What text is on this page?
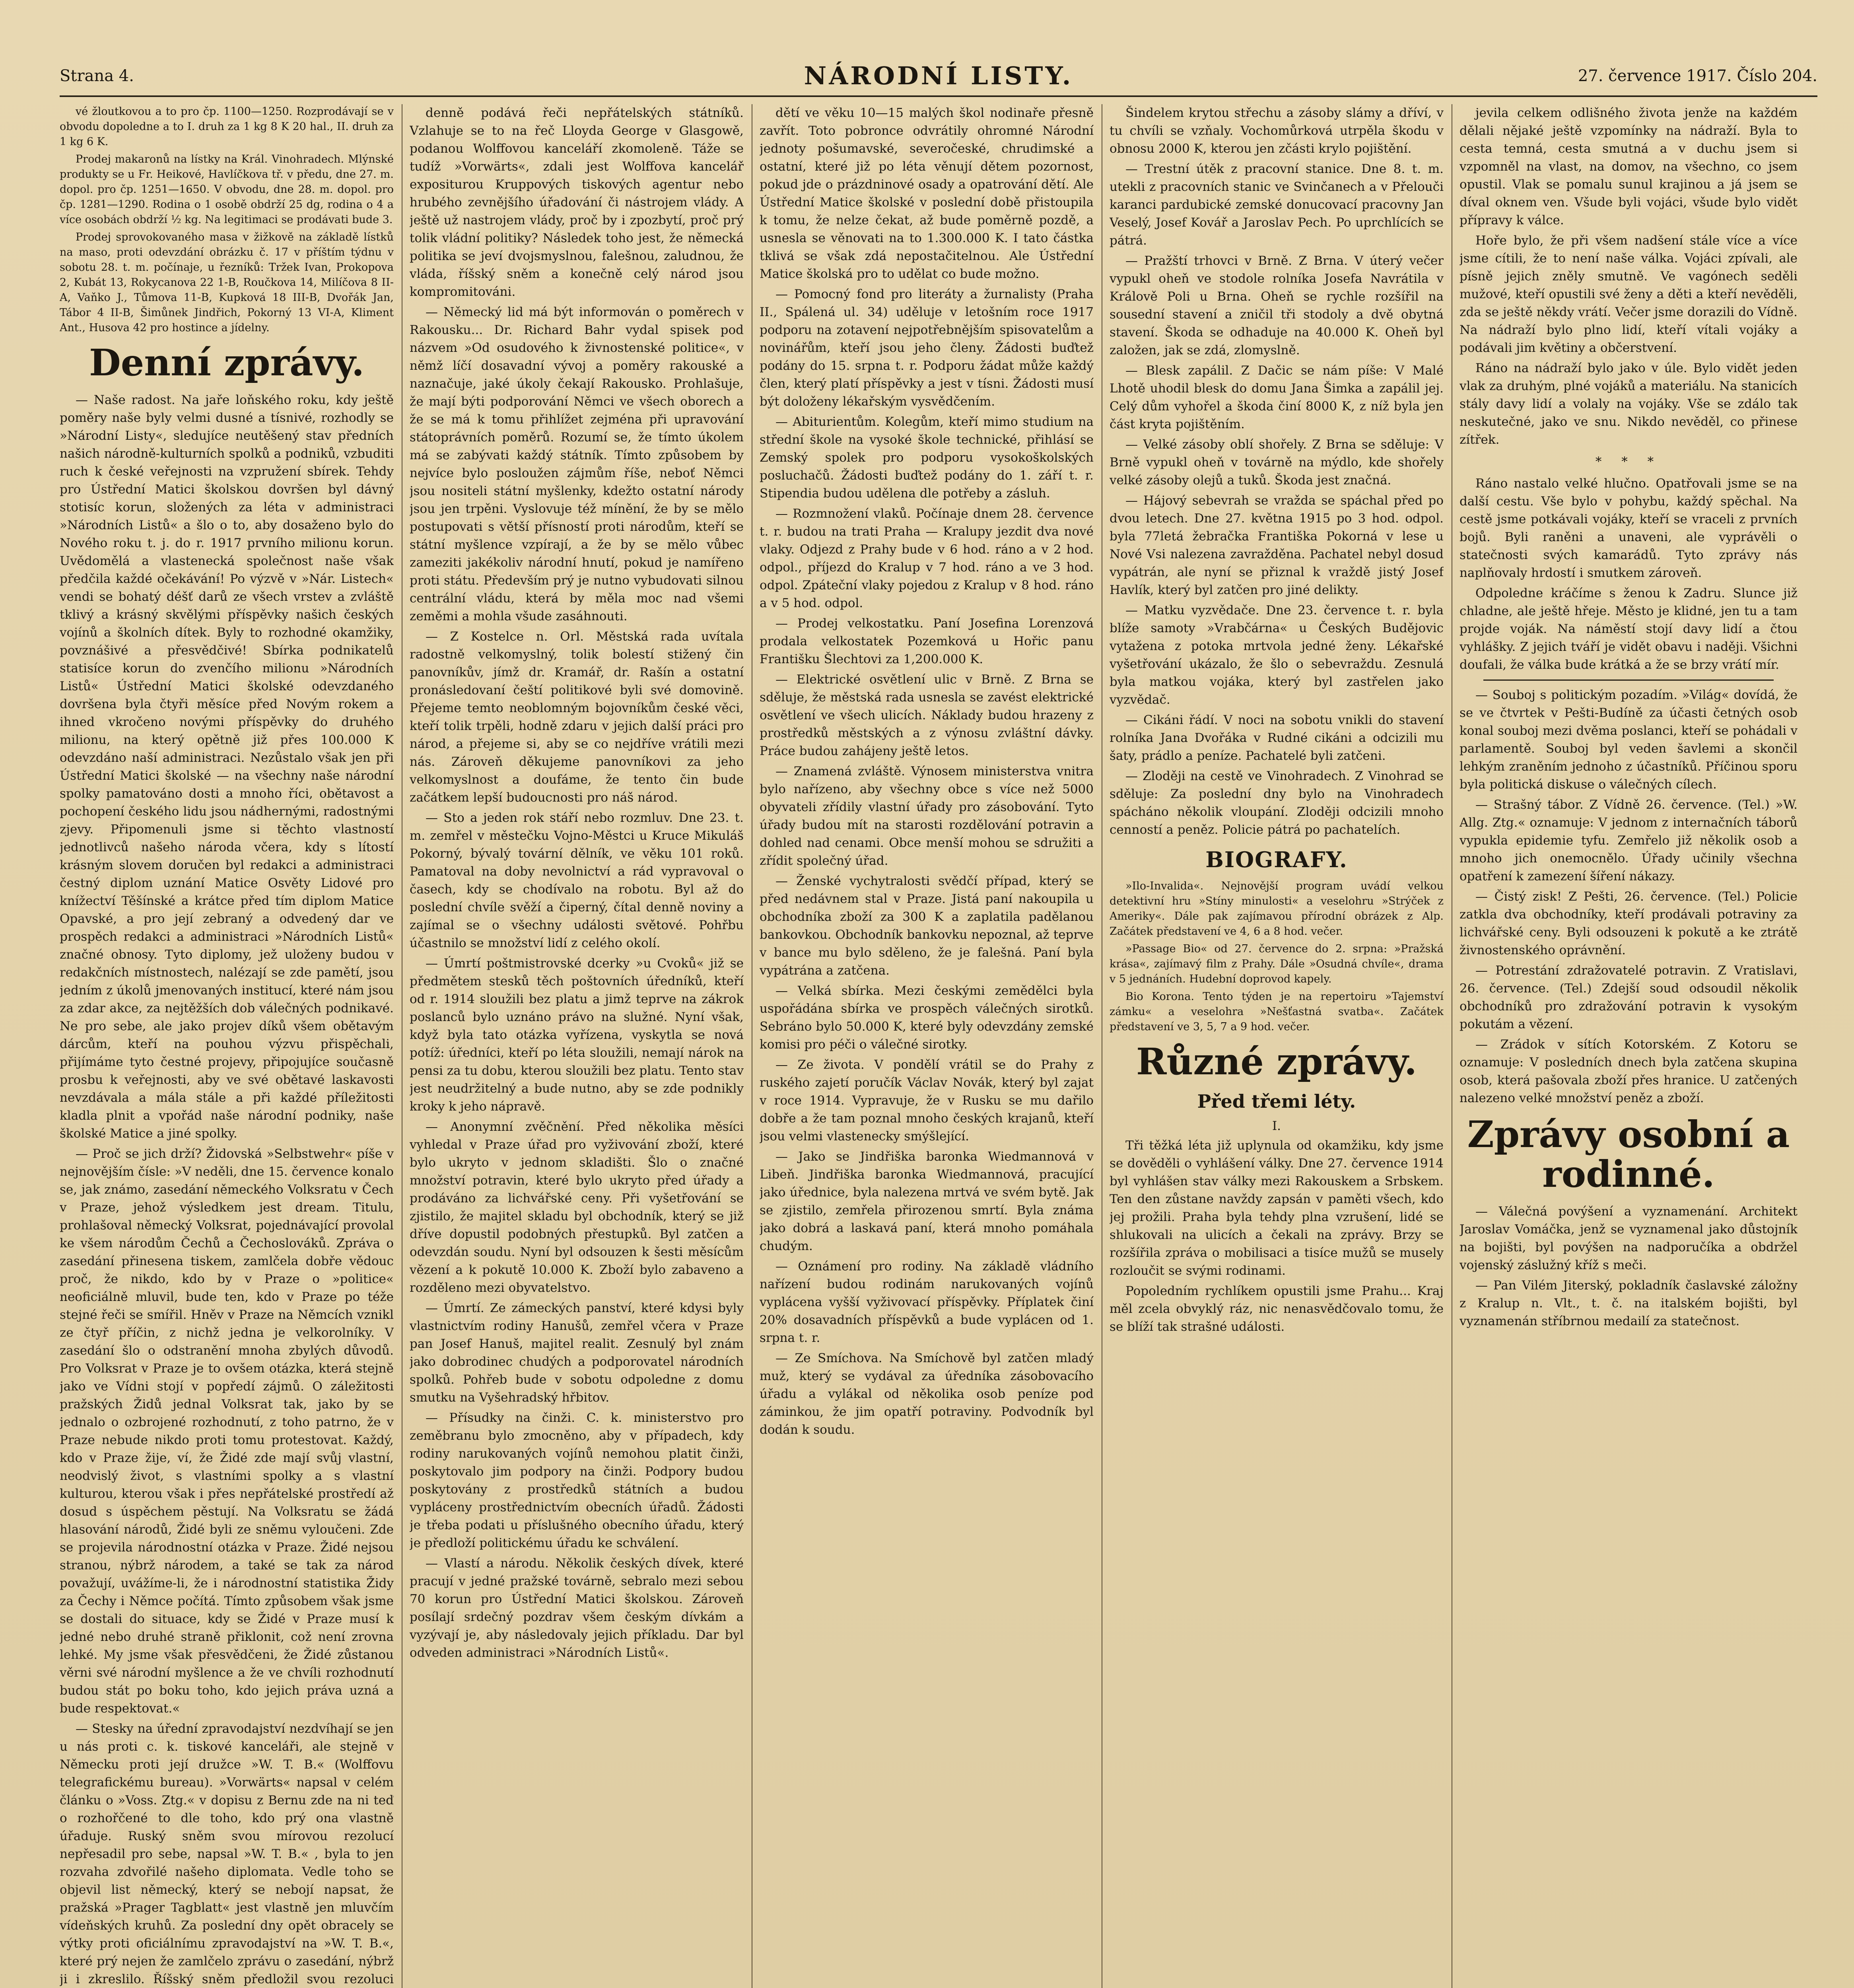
Strana 4.	NÁRODNÍ LISTY.	27. července 1917. Číslo 204.

vé žloutkovou a to pro čp. 1100—1250. Rozprodávají se v obvodu dopoledne a to I. druh za 1 kg 8 K 20 hal., II. druh za 1 kg 6 K.

Prodej makaronů na lístky na Král. Vinohradech. Mlýnské produkty se u Fr. Heikové, Havlíčkova tř. v předu, dne 27. m. dopol. pro čp. 1251—1650. V obvodu, dne 28. m. dopol. pro čp. 1281—1290. Rodina o 1 osobě obdrží 25 dg, rodina o 4 a více osobách obdrží ½ kg. Na legitimaci se prodávati bude 3.

Prodej sprovokovaného masa v žižkově na základě lístků na maso, proti odevzdání obrázku č. 17 v příštím týdnu v sobotu 28. t. m. počínaje, u řezníků: Tržek Ivan, Prokopova 2, Kubát 13, Rokycanova 22 1-B, Roučkova 14, Milíčova 8 II-A, Vaňko J., Tůmova 11-B, Kupková 18 III-B, Dvořák Jan, Tábor 4 II-B, Šimůnek Jindřich, Pokorný 13 VI-A, Kliment Ant., Husova 42 pro hostince a jídelny.

Denní zprávy.

— Naše radost. Na jaře loňského roku, kdy ještě poměry naše byly velmi dusné a tísnivé, rozhodly se »Národní Listy«, sledujíce neutěšený stav předních našich národně-kulturních spolků a podniků, vzbuditi ruch k české veřejnosti na vzpružení sbírek. Tehdy pro Ústřední Matici školskou dovršen byl dávný stotisíc korun, složených za léta v administraci »Národních Listů« a šlo o to, aby dosaženo bylo do Nového roku t. j. do r. 1917 prvního milionu korun. Uvědomělá a vlastenecká společnost naše však předčila každé očekávání! Po výzvě v »Nár. Listech« vendi se bohatý déšť darů ze všech vrstev a zvláště tklivý a krásný skvělými příspěvky našich českých vojínů a školních dítek. Byly to rozhodné okamžiky, povznášivé a přesvědčivé! Sbírka podnikatelů statisíce korun do zvenčího milionu »Národních Listů« Ústřední Matici školské odevzdaného dovršena byla čtyři měsíce před Novým rokem a ihned vkročeno novými příspěvky do druhého milionu, na který opětně již přes 100.000 K odevzdáno naší administraci. Nezůstalo však jen při Ústřední Matici školské — na všechny naše národní spolky pamatováno dosti a mnoho říci, obětavost a pochopení českého lidu jsou nádhernými, radostnými zjevy. Připomenuli jsme si těchto vlastností jednotlivců našeho národa včera, kdy s lítostí krásným slovem doručen byl redakci a administraci čestný diplom uznání Matice Osvěty Lidové pro knížectví Těšínské a krátce před tím diplom Matice Opavské, a pro její zebraný a odvedený dar ve prospěch redakci a administraci »Národních Listů« značné obnosy. Tyto diplomy, jež uloženy budou v redakčních místnostech, nalézají se zde pamětí, jsou jedním z úkolů jmenovaných institucí, které nám jsou za zdar akce, za nejtěžších dob válečných podnikavé. Ne pro sebe, ale jako projev díků všem obětavým dárcům, kteří na pouhou výzvu přispěchali, přijímáme tyto čestné projevy, připojujíce současně prosbu k veřejnosti, aby ve své obětavé laskavosti nevzdávala a mála stále a při každé příležitosti kladla plnit a vpořád naše národní podniky, naše školské Matice a jiné spolky.

— Proč se jich drží? Židovská »Selbstwehr« píše v nejnovějším čísle: »V neděli, dne 15. července konalo se, jak známo, zasedání německého Volksratu v Čech v Praze, jehož výsledkem jest dream. Titulu, prohlašoval německý Volksrat, pojednávající provolal ke všem národům Čechů a Čechoslováků. Zpráva o zasedání přinesena tiskem, zamlčela dobře vědouc proč, že nikdo, kdo by v Praze o »politice« neoficiálně mluvil, bude ten, kdo v Praze po téže stejné řeči se smířil. Hněv v Praze na Němcích vznikl ze čtyř příčin, z nichž jedna je velkorolníky. V zasedání šlo o odstranění mnoha zbylých důvodů. Pro Volksrat v Praze je to ovšem otázka, která stejně jako ve Vídni stojí v popředí zájmů. O záležitosti pražských Židů jednal Volksrat tak, jako by se jednalo o ozbrojené rozhodnutí, z toho patrno, že v Praze nebude nikdo proti tomu protestovat. Každý, kdo v Praze žije, ví, že Židé zde mají svůj vlastní, neodvislý život, s vlastními spolky a s vlastní kulturou, kterou však i přes nepřátelské prostředí až dosud s úspěchem pěstují. Na Volksratu se žádá hlasování národů, Židé byli ze sněmu vyloučeni. Zde se projevila národnostní otázka v Praze. Židé nejsou stranou, nýbrž národem, a také se tak za národ považují, uvážíme-li, že i národnostní statistika Židy za Čechy i Němce počítá. Tímto způsobem však jsme se dostali do situace, kdy se Židé v Praze musí k jedné nebo druhé straně přiklonit, což není zrovna lehké. My jsme však přesvědčeni, že Židé zůstanou věrni své národní myšlence a že ve chvíli rozhodnutí budou stát po boku toho, kdo jejich práva uzná a bude respektovat.«

— Stesky na úřední zpravodajství nezdvíhají se jen u nás proti c. k. tiskové kanceláři, ale stejně v Německu proti její družce »W. T. B.« (Wolffovu telegrafickému bureau). »Vorwärts« napsal v celém článku o »Voss. Ztg.« v dopisu z Bernu zde na ni teď o rozhořčené to dle toho, kdo prý ona vlastně úřaduje. Ruský sněm svou mírovou rezolucí nepřesadil pro sebe, napsal »W. T. B.« , byla to jen rozvaha zdvořilé našeho diplomata. Vedle toho se objevil list německý, který se nebojí napsat, že pražská »Prager Tagblatt« jest vlastně jen mluvčím vídeňských kruhů. Za poslední dny opět obracely se výtky proti oficiálnímu zpravodajství na »W. T. B.«, které prý nejen že zamlčelo zprávu o zasedání, nýbrž ji i zkreslilo. Říšský sněm předložil svou rezoluci

denně podává řeči nepřátelských státníků. Vzlahuje se to na řeč Lloyda George v Glasgowě, podanou Wolffovou kanceláří zkomoleně. Táže se tudíž »Vorwärts«, zdali jest Wolffova kancelář expositurou Kruppových tiskových agentur nebo hrubého zevnějšího úřadování či nástrojem vlády. A ještě už nastrojem vlády, proč by i zpozbytí, proč prý tolik vládní politiky? Následek toho jest, že německá politika se jeví dvojsmyslnou, falešnou, zaludnou, že vláda, říšský sněm a konečně celý národ jsou kompromitováni.

— Německý lid má být informován o poměrech v Rakousku... Dr. Richard Bahr vydal spisek pod názvem »Od osudového k živnostenské politice«, v němž líčí dosavadní vývoj a poměry rakouské a naznačuje, jaké úkoly čekají Rakousko. Prohlašuje, že mají býti podporování Němci ve všech oborech a že se má k tomu přihlížet zejména při upravování státoprávních poměrů. Rozumí se, že tímto úkolem má se zabývati každý státník. Tímto způsobem by nejvíce bylo posloužen zájmům říše, neboť Němci jsou nositeli státní myšlenky, kdežto ostatní národy jsou jen trpěni. Vyslovuje též mínění, že by se mělo postupovati s větší přísností proti národům, kteří se státní myšlence vzpírají, a že by se mělo vůbec zameziti jakékoliv národní hnutí, pokud je namířeno proti státu. Především prý je nutno vybudovati silnou centrální vládu, která by měla moc nad všemi zeměmi a mohla všude zasáhnouti.

— Z Kostelce n. Orl. Městská rada uvítala radostně velkomyslný, tolik bolestí stižený čin panovníkův, jímž dr. Kramář, dr. Rašín a ostatní pronásledovaní čeští politikové byli své domovině. Přejeme temto neoblomným bojovníkům české věci, kteří tolik trpěli, hodně zdaru v jejich další práci pro národ, a přejeme si, aby se co nejdříve vrátili mezi nás. Zároveň děkujeme panovníkovi za jeho velkomyslnost a doufáme, že tento čin bude začátkem lepší budoucnosti pro náš národ.

— Sto a jeden rok stáří nebo rozmluv. Dne 23. t. m. zemřel v městečku Vojno-Městci u Kruce Mikuláš Pokorný, bývalý tovární dělník, ve věku 101 roků. Pamatoval na doby nevolnictví a rád vypravoval o časech, kdy se chodívalo na robotu. Byl až do poslední chvíle svěží a čiperný, čítal denně noviny a zajímal se o všechny události světové. Pohřbu účastnilo se množství lidí z celého okolí.

— Úmrtí poštmistrovské dcerky »u Cvoků« již se předmětem stesků těch poštovních úředníků, kteří od r. 1914 sloužili bez platu a jimž teprve na zákrok poslanců bylo uznáno právo na služné. Nyní však, když byla tato otázka vyřízena, vyskytla se nová potíž: úředníci, kteří po léta sloužili, nemají nárok na pensi za tu dobu, kterou sloužili bez platu. Tento stav jest neudržitelný a bude nutno, aby se zde podnikly kroky k jeho nápravě.

— Anonymní zvěčnění. Před několika měsíci vyhledal v Praze úřad pro vyživování zboží, které bylo ukryto v jednom skladišti. Šlo o značné množství potravin, které bylo ukryto před úřady a prodáváno za lichvářské ceny. Při vyšetřování se zjistilo, že majitel skladu byl obchodník, který se již dříve dopustil podobných přestupků. Byl zatčen a odevzdán soudu. Nyní byl odsouzen k šesti měsícům vězení a k pokutě 10.000 K. Zboží bylo zabaveno a rozděleno mezi obyvatelstvo.

— Úmrtí. Ze zámeckých panství, které kdysi byly vlastnictvím rodiny Hanušů, zemřel včera v Praze pan Josef Hanuš, majitel realit. Zesnulý byl znám jako dobrodinec chudých a podporovatel národních spolků. Pohřeb bude v sobotu odpoledne z domu smutku na Vyšehradský hřbitov.

— Přísudky na činži. C. k. ministerstvo pro zeměbranu bylo zmocněno, aby v případech, kdy rodiny narukovaných vojínů nemohou platit činži, poskytovalo jim podpory na činži. Podpory budou poskytovány z prostředků státních a budou vypláceny prostřednictvím obecních úřadů. Žádosti je třeba podati u příslušného obecního úřadu, který je předloží politickému úřadu ke schválení.

— Vlastí a národu. Několik českých dívek, které pracují v jedné pražské továrně, sebralo mezi sebou 70 korun pro Ústřední Matici školskou. Zároveň posílají srdečný pozdrav všem českým dívkám a vyzývají je, aby následovaly jejich příkladu. Dar byl odveden administraci »Národních Listů«.

dětí ve věku 10—15 malých škol nodinaře přesně zavřít. Toto pobronce odvrátily ohromné Národní jednoty pošumavské, severočeské, chrudimské a ostatní, které již po léta věnují dětem pozornost, pokud jde o prázdninové osady a opatrování dětí. Ale Ústřední Matice školské v poslední době přistoupila k tomu, že nelze čekat, až bude poměrně pozdě, a usnesla se věnovati na to 1.300.000 K. I tato částka tklivá se však zdá nepostačitelnou. Ale Ústřední Matice školská pro to udělat co bude možno.

— Pomocný fond pro literáty a žurnalisty (Praha II., Spálená ul. 34) uděluje v letošním roce 1917 podporu na zotavení nejpotřebnějším spisovatelům a novinářům, kteří jsou jeho členy. Žádosti buďtež podány do 15. srpna t. r. Podporu žádat může každý člen, který platí příspěvky a jest v tísni. Žádosti musí být doloženy lékařským vysvědčením.

— Abiturientům. Kolegům, kteří mimo studium na střední škole na vysoké škole technické, přihlásí se Zemský spolek pro podporu vysokoškolských posluchačů. Žádosti buďtež podány do 1. září t. r. Stipendia budou udělena dle potřeby a zásluh.

— Rozmnožení vlaků. Počínaje dnem 28. července t. r. budou na trati Praha — Kralupy jezdit dva nové vlaky. Odjezd z Prahy bude v 6 hod. ráno a v 2 hod. odpol., příjezd do Kralup v 7 hod. ráno a ve 3 hod. odpol. Zpáteční vlaky pojedou z Kralup v 8 hod. ráno a v 5 hod. odpol.

— Prodej velkostatku. Paní Josefina Lorenzová prodala velkostatek Pozemková u Hořic panu Františku Šlechtovi za 1,200.000 K.

— Elektrické osvětlení ulic v Brně. Z Brna se sděluje, že městská rada usnesla se zavést elektrické osvětlení ve všech ulicích. Náklady budou hrazeny z prostředků městských a z výnosu zvláštní dávky. Práce budou zahájeny ještě letos.

— Znamená zvláště. Výnosem ministerstva vnitra bylo nařízeno, aby všechny obce s více než 5000 obyvateli zřídily vlastní úřady pro zásobování. Tyto úřady budou mít na starosti rozdělování potravin a dohled nad cenami. Obce menší mohou se sdružiti a zřídit společný úřad.

— Ženské vychytralosti svědčí případ, který se před nedávnem stal v Praze. Jistá paní nakoupila u obchodníka zboží za 300 K a zaplatila padělanou bankovkou. Obchodník bankovku nepoznal, až teprve v bance mu bylo sděleno, že je falešná. Paní byla vypátrána a zatčena.

— Velká sbírka. Mezi českými zemědělci byla uspořádána sbírka ve prospěch válečných sirotků. Sebráno bylo 50.000 K, které byly odevzdány zemské komisi pro péči o válečné sirotky.

— Ze života. V pondělí vrátil se do Prahy z ruského zajetí poručík Václav Novák, který byl zajat v roce 1914. Vypravuje, že v Rusku se mu dařilo dobře a že tam poznal mnoho českých krajanů, kteří jsou velmi vlastenecky smýšlející.

— Jako se Jindřiška baronka Wiedmannová v Libeň. Jindřiška baronka Wiedmannová, pracující jako úřednice, byla nalezena mrtvá ve svém bytě. Jak se zjistilo, zemřela přirozenou smrtí. Byla známa jako dobrá a laskavá paní, která mnoho pomáhala chudým.

— Oznámení pro rodiny. Na základě vládního nařízení budou rodinám narukovaných vojínů vyplácena vyšší vyživovací příspěvky. Příplatek činí 20% dosavadních příspěvků a bude vyplácen od 1. srpna t. r.

— Ze Smíchova. Na Smíchově byl zatčen mladý muž, který se vydával za úředníka zásobovacího úřadu a vylákal od několika osob peníze pod záminkou, že jim opatří potraviny. Podvodník byl dodán k soudu.

Šindelem krytou střechu a zásoby slámy a dříví, v tu chvíli se vzňaly. Vochomůrková utrpěla škodu v obnosu 2000 K, kterou jen zčásti krylo pojištění.

— Trestní útěk z pracovní stanice. Dne 8. t. m. utekli z pracovních stanic ve Svinčanech a v Přelouči karanci pardubické zemské donucovací pracovny Jan Veselý, Josef Kovář a Jaroslav Pech. Po uprchlících se pátrá.

— Pražští trhovci v Brně. Z Brna. V úterý večer vypukl oheň ve stodole rolníka Josefa Navrátila v Králově Poli u Brna. Oheň se rychle rozšířil na sousední stavení a zničil tři stodoly a dvě obytná stavení. Škoda se odhaduje na 40.000 K. Oheň byl založen, jak se zdá, zlomyslně.

— Blesk zapálil. Z Dačic se nám píše: V Malé Lhotě uhodil blesk do domu Jana Šimka a zapálil jej. Celý dům vyhořel a škoda činí 8000 K, z níž byla jen část kryta pojištěním.

— Velké zásoby oblí shořely. Z Brna se sděluje: V Brně vypukl oheň v továrně na mýdlo, kde shořely velké zásoby olejů a tuků. Škoda jest značná.

— Hájový sebevrah se vražda se spáchal před po dvou letech. Dne 27. května 1915 po 3 hod. odpol. byla 77letá žebračka Františka Pokorná v lese u Nové Vsi nalezena zavražděna. Pachatel nebyl dosud vypátrán, ale nyní se přiznal k vraždě jistý Josef Havlík, který byl zatčen pro jiné delikty.

— Matku vyzvědače. Dne 23. července t. r. byla blíže samoty »Vrabčárna« u Českých Budějovic vytažena z potoka mrtvola jedné ženy. Lékařské vyšetřování ukázalo, že šlo o sebevraždu. Zesnulá byla matkou vojáka, který byl zastřelen jako vyzvědač.

— Cikáni řádí. V noci na sobotu vnikli do stavení rolníka Jana Dvořáka v Rudné cikáni a odcizili mu šaty, prádlo a peníze. Pachatelé byli zatčeni.

— Zloději na cestě ve Vinohradech. Z Vinohrad se sděluje: Za poslední dny bylo na Vinohradech spácháno několik vloupání. Zloději odcizili mnoho cenností a peněz. Policie pátrá po pachatelích.

BIOGRAFY.

»Ilo-Invalida«. Nejnovější program uvádí velkou detektivní hru »Stíny minulosti« a veselohru »Strýček z Ameriky«. Dále pak zajímavou přírodní obrázek z Alp. Začátek představení ve 4, 6 a 8 hod. večer.

»Passage Bio« od 27. července do 2. srpna: »Pražská krása«, zajímavý film z Prahy. Dále »Osudná chvíle«, drama v 5 jednáních. Hudební doprovod kapely.

Bio Korona. Tento týden je na repertoiru »Tajemství zámku« a veselohra »Nešťastná svatba«. Začátek představení ve 3, 5, 7 a 9 hod. večer.

Různé zprávy.
Před třemi léty.
I.

Tři těžká léta již uplynula od okamžiku, kdy jsme se dověděli o vyhlášení války. Dne 27. července 1914 byl vyhlášen stav války mezi Rakouskem a Srbskem. Ten den zůstane navždy zapsán v paměti všech, kdo jej prožili. Praha byla tehdy plna vzrušení, lidé se shlukovali na ulicích a čekali na zprávy. Brzy se rozšířila zpráva o mobilisaci a tisíce mužů se musely rozloučit se svými rodinami.

Popoledním rychlíkem opustili jsme Prahu... Kraj měl zcela obvyklý ráz, nic nenasvědčovalo tomu, že se blíží tak strašné události.

jevila celkem odlišného života jenže na každém dělali nějaké ještě vzpomínky na nádraží. Byla to cesta temná, cesta smutná a v duchu jsem si vzpomněl na vlast, na domov, na všechno, co jsem opustil. Vlak se pomalu sunul krajinou a já jsem se díval oknem ven. Všude byli vojáci, všude bylo vidět přípravy k válce.

Hoře bylo, že při všem nadšení stále více a více jsme cítili, že to není naše válka. Vojáci zpívali, ale písně jejich zněly smutně. Ve vagónech seděli mužové, kteří opustili své ženy a děti a kteří nevěděli, zda se ještě někdy vrátí. Večer jsme dorazili do Vídně. Na nádraží bylo plno lidí, kteří vítali vojáky a podávali jim květiny a občerstvení.

Ráno na nádraží bylo jako v úle. Bylo vidět jeden vlak za druhým, plné vojáků a materiálu. Na stanicích stály davy lidí a volaly na vojáky. Vše se zdálo tak neskutečné, jako ve snu. Nikdo nevěděl, co přinese zítřek.

* * *

Ráno nastalo velké hlučno. Opatřovali jsme se na další cestu. Vše bylo v pohybu, každý spěchal. Na cestě jsme potkávali vojáky, kteří se vraceli z prvních bojů. Byli raněni a unaveni, ale vyprávěli o statečnosti svých kamarádů. Tyto zprávy nás naplňovaly hrdostí i smutkem zároveň.

Odpoledne kráčíme s ženou k Zadru. Slunce již chladne, ale ještě hřeje. Město je klidné, jen tu a tam projde voják. Na náměstí stojí davy lidí a čtou vyhlášky. Z jejich tváří je vidět obavu i naději. Všichni doufali, že válka bude krátká a že se brzy vrátí mír.

— Souboj s politickým pozadím. »Világ« dovídá, že se ve čtvrtek v Pešti-Budíně za účasti četných osob konal souboj mezi dvěma poslanci, kteří se pohádali v parlamentě. Souboj byl veden šavlemi a skončil lehkým zraněním jednoho z účastníků. Příčinou sporu byla politická diskuse o válečných cílech.

— Strašný tábor. Z Vídně 26. července. (Tel.) »W. Allg. Ztg.« oznamuje: V jednom z internačních táborů vypukla epidemie tyfu. Zemřelo již několik osob a mnoho jich onemocnělo. Úřady učinily všechna opatření k zamezení šíření nákazy.

— Čistý zisk! Z Pešti, 26. července. (Tel.) Policie zatkla dva obchodníky, kteří prodávali potraviny za lichvářské ceny. Byli odsouzeni k pokutě a ke ztrátě živnostenského oprávnění.

— Potrestání zdražovatelé potravin. Z Vratislavi, 26. července. (Tel.) Zdejší soud odsoudil několik obchodníků pro zdražování potravin k vysokým pokutám a vězení.

— Zrádok v sítích Kotorském. Z Kotoru se oznamuje: V posledních dnech byla zatčena skupina osob, která pašovala zboží přes hranice. U zatčených nalezeno velké množství peněz a zboží.

Zprávy osobní a rodinné.

— Válečná povýšení a vyznamenání. Architekt Jaroslav Vomáčka, jenž se vyznamenal jako důstojník na bojišti, byl povýšen na nadporučíka a obdržel vojenský záslužný kříž s meči.

— Pan Vilém Jiterský, pokladník časlavské záložny z Kralup n. Vlt., t. č. na italském bojišti, byl vyznamenán stříbrnou medailí za statečnost.
